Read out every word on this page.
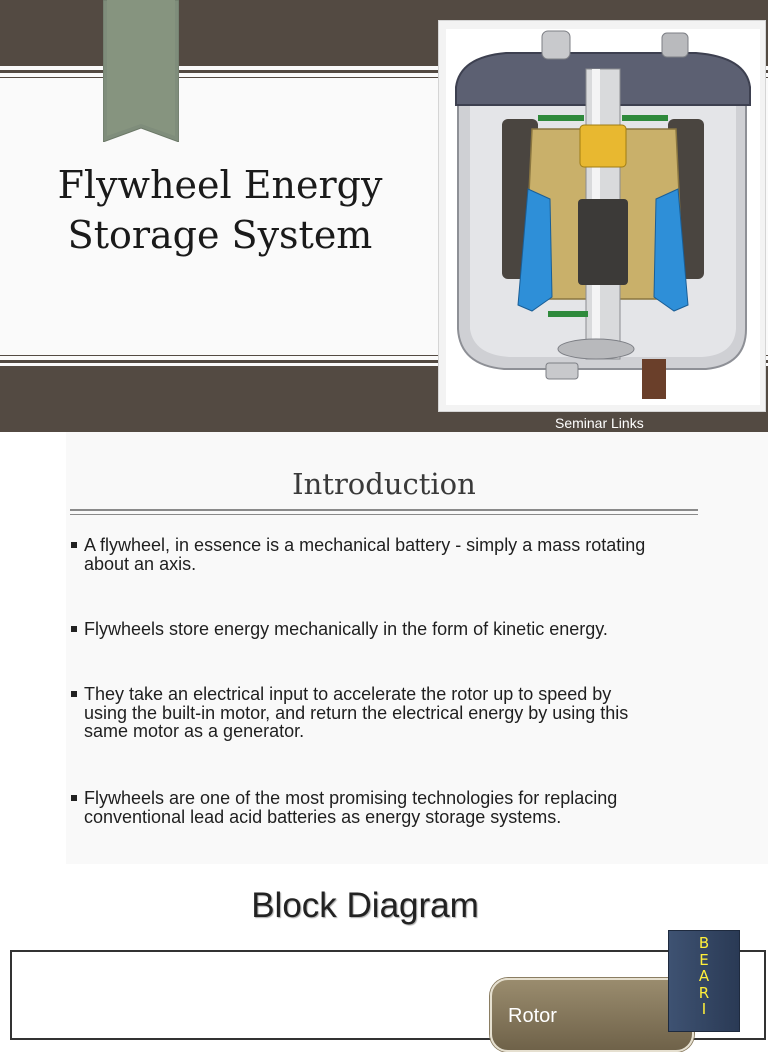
Flywheel Energy
Storage System
Seminar Links
Introduction
A flywheel, in essence is a mechanical battery - simply a mass rotating
about an axis.
Flywheels store energy mechanically in the form of kinetic energy.
They take an electrical input to accelerate the rotor up to speed by
using the built-in motor, and return the electrical energy by using this
same motor as a generator.
Flywheels are one of the most promising technologies for replacing
conventional lead acid batteries as energy storage systems.
Block Diagram
Rotor
B
E
A
R
I
